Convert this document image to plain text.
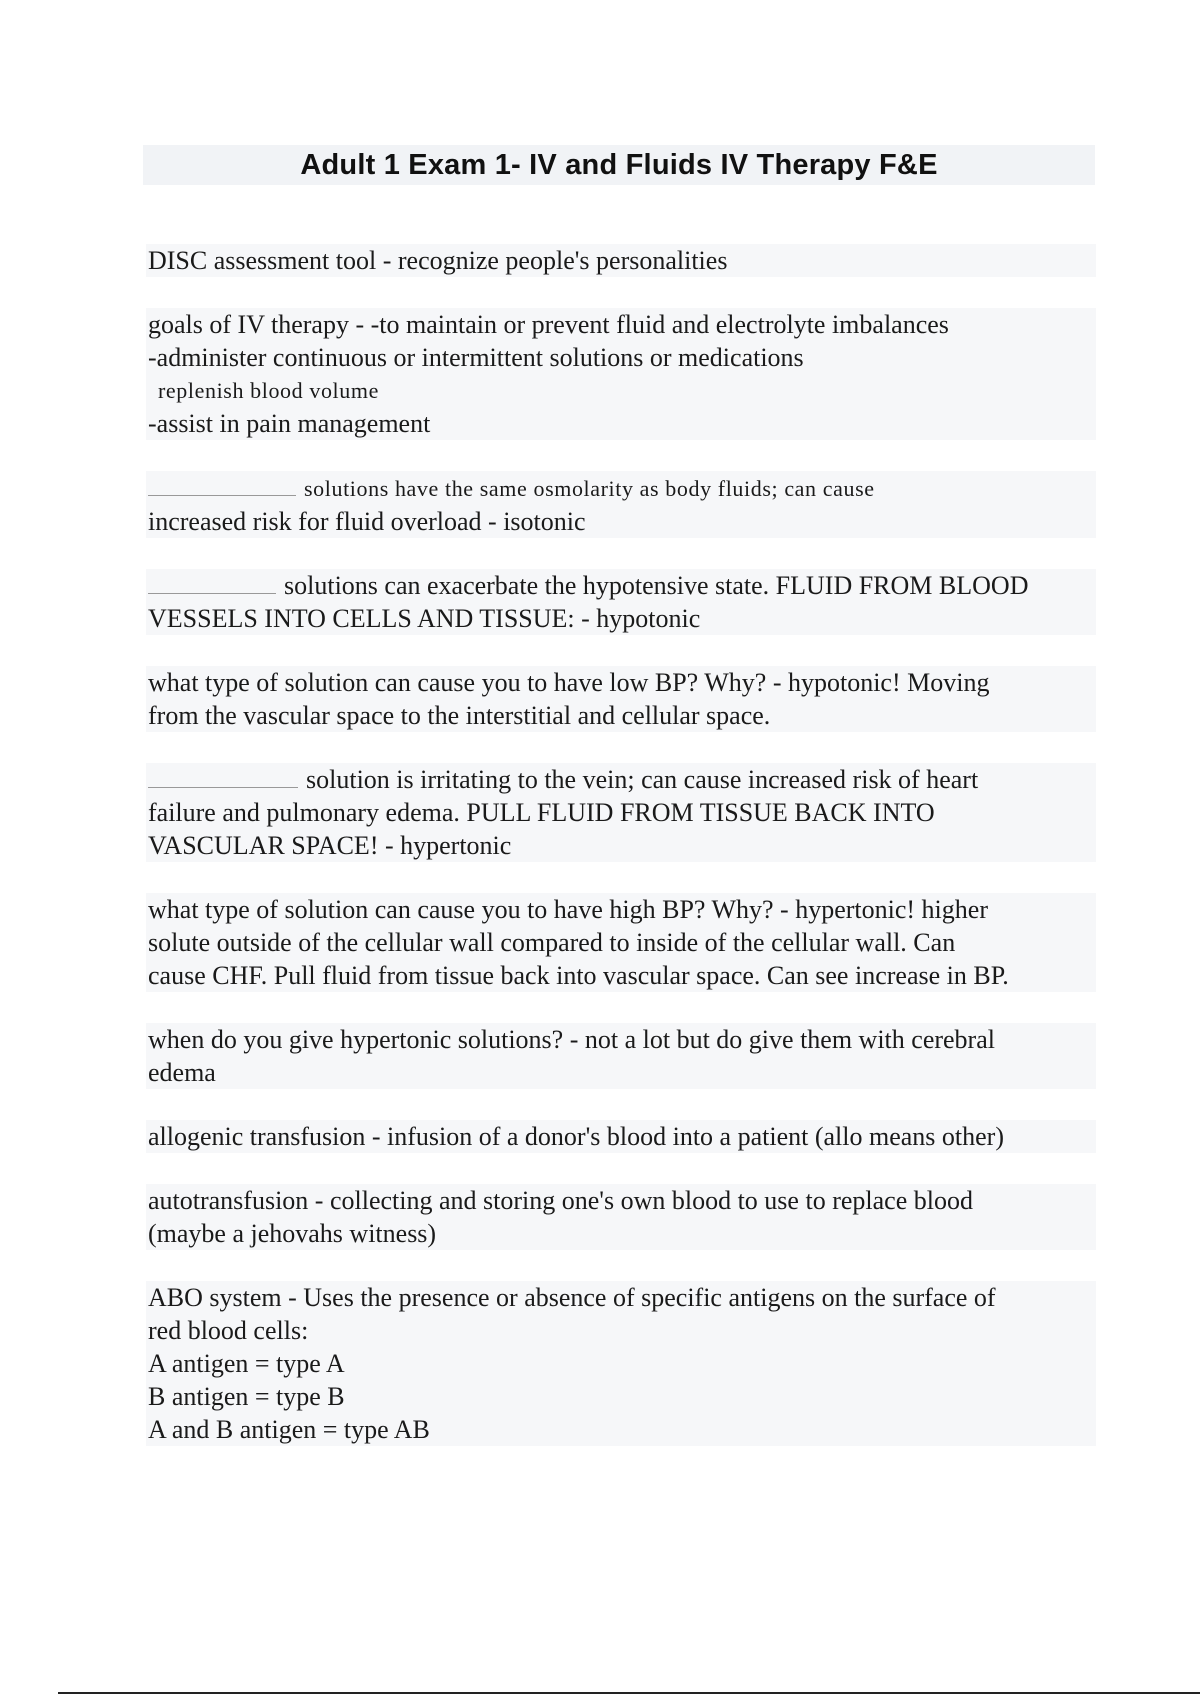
Adult 1 Exam 1- IV and Fluids IV Therapy F&E
DISC assessment tool - recognize people's personalities
goals of IV therapy - -to maintain or prevent fluid and electrolyte imbalances
-administer continuous or intermittent solutions or medications
replenish blood volume
-assist in pain management
solutions have the same osmolarity as body fluids; can cause
increased risk for fluid overload - isotonic
solutions can exacerbate the hypotensive state. FLUID FROM BLOOD
VESSELS INTO CELLS AND TISSUE: - hypotonic
what type of solution can cause you to have low BP? Why? - hypotonic! Moving
from the vascular space to the interstitial and cellular space.
solution is irritating to the vein; can cause increased risk of heart
failure and pulmonary edema. PULL FLUID FROM TISSUE BACK INTO
VASCULAR SPACE! - hypertonic
what type of solution can cause you to have high BP? Why? - hypertonic! higher
solute outside of the cellular wall compared to inside of the cellular wall. Can
cause CHF. Pull fluid from tissue back into vascular space. Can see increase in BP.
when do you give hypertonic solutions? - not a lot but do give them with cerebral
edema
allogenic transfusion - infusion of a donor's blood into a patient (allo means other)
autotransfusion - collecting and storing one's own blood to use to replace blood
(maybe a jehovahs witness)
ABO system - Uses the presence or absence of specific antigens on the surface of
red blood cells:
A antigen = type A
B antigen = type B
A and B antigen = type AB
